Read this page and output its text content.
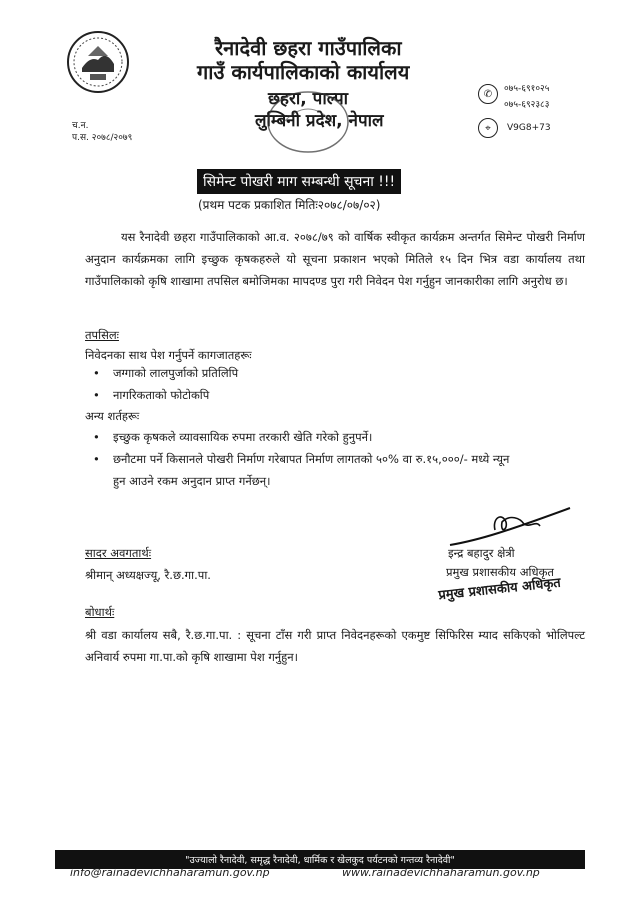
रैनादेवी छहरा गाउँपालिका
गाउँ कार्यपालिकाको कार्यालय
छहरा, पाल्पा
लुम्बिनी प्रदेश, नेपाल
च.न.
प.स. २०७८/२०७९
✆	०७५-६९१०२५
०७५-६९२३८३
⌖	V9G8+73
सिमेन्ट पोखरी माग सम्बन्धी सूचना !!!
(प्रथम पटक प्रकाशित मितिः२०७८/०७/०२)

यस रैनादेवी छहरा गाउँपालिकाको आ.व. २०७८/७९ को वार्षिक स्वीकृत कार्यक्रम अन्तर्गत सिमेन्ट पोखरी निर्माण अनुदान कार्यक्रमका लागि इच्छुक कृषकहरुले यो सूचना प्रकाशन भएको मितिले १५ दिन भित्र वडा कार्यालय तथा गाउँपालिकाको कृषि शाखामा तपसिल बमोजिमका मापदण्ड पुरा गरी निवेदन पेश गर्नुहुन जानकारीका लागि अनुरोध छ।

तपसिलः
निवेदनका साथ पेश गर्नुपर्ने कागजातहरूः
• जग्गाको लालपुर्जाको प्रतिलिपि
• नागरिकताको फोटोकपि
अन्य शर्तहरूः
• इच्छुक कृषकले व्यावसायिक रुपमा तरकारी खेति गरेको हुनुपर्ने।
• छनौटमा पर्ने किसानले पोखरी निर्माण गरेबापत निर्माण लागतको ५०% वा रु.१५,०००/- मध्ये न्यून हुन आउने रकम अनुदान प्राप्त गर्नेछन्।
इन्द्र बहादुर क्षेत्री
प्रमुख प्रशासकीय अधिकृत
प्रमुख प्रशासकीय अधिकृत
सादर अवगतार्थः
श्रीमान् अध्यक्षज्यू, रै.छ.गा.पा.
बोधार्थः
श्री वडा कार्यालय सबै, रै.छ.गा.पा. : सूचना टाँस गरी प्राप्त निवेदनहरूको एकमुष्ट सिफिरिस म्याद सकिएको भोलिपल्ट अनिवार्य रुपमा गा.पा.को कृषि शाखामा पेश गर्नुहुन।
"उज्यालो रैनादेवी, समृद्ध रैनादेवी, धार्मिक र खेलकुद पर्यटनको गन्तव्य रैनादेवी"
info@rainadevichhaharamun.gov.np	www.rainadevichhaharamun.gov.np
